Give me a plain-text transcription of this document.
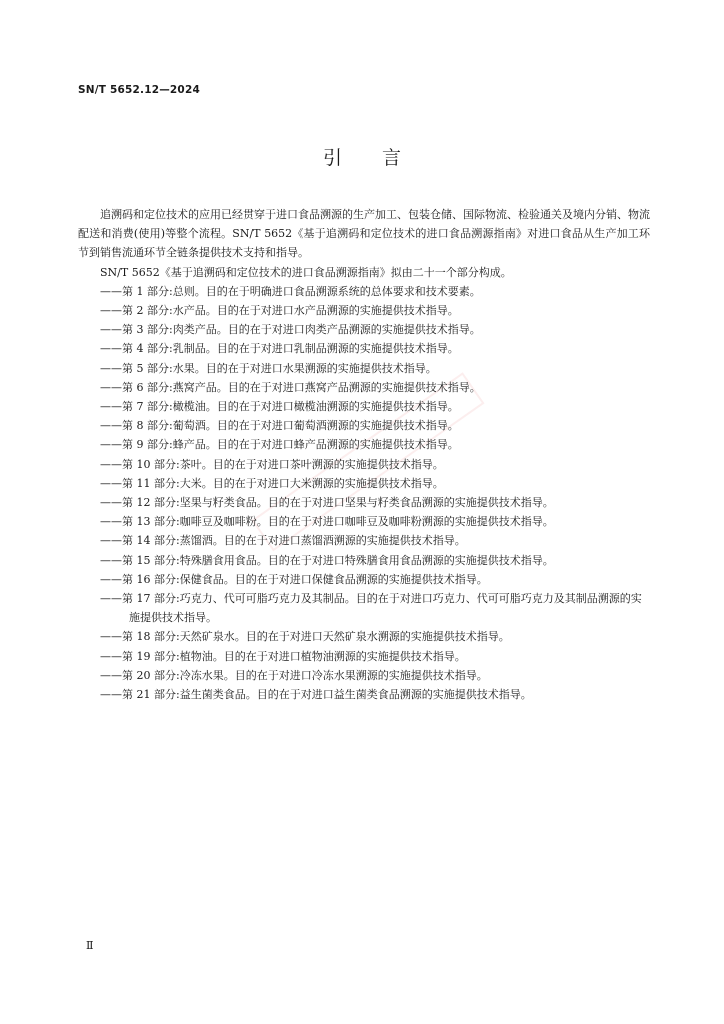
SN/T 5652.12—2024
引言

追溯码和定位技术的应用已经贯穿于进口食品溯源的生产加工、包装仓储、国际物流、检验通关及境内分销、物流配送和消费(使用)等整个流程。SN/T 5652《基于追溯码和定位技术的进口食品溯源指南》对进口食品从生产加工环节到销售流通环节全链条提供技术支持和指导。

SN/T 5652《基于追溯码和定位技术的进口食品溯源指南》拟由二十一个部分构成。

——第 1 部分:总则。目的在于明确进口食品溯源系统的总体要求和技术要素。

——第 2 部分:水产品。目的在于对进口水产品溯源的实施提供技术指导。

——第 3 部分:肉类产品。目的在于对进口肉类产品溯源的实施提供技术指导。

——第 4 部分:乳制品。目的在于对进口乳制品溯源的实施提供技术指导。

——第 5 部分:水果。目的在于对进口水果溯源的实施提供技术指导。

——第 6 部分:燕窝产品。目的在于对进口燕窝产品溯源的实施提供技术指导。

——第 7 部分:橄榄油。目的在于对进口橄榄油溯源的实施提供技术指导。

——第 8 部分:葡萄酒。目的在于对进口葡萄酒溯源的实施提供技术指导。

——第 9 部分:蜂产品。目的在于对进口蜂产品溯源的实施提供技术指导。

——第 10 部分:茶叶。目的在于对进口茶叶溯源的实施提供技术指导。

——第 11 部分:大米。目的在于对进口大米溯源的实施提供技术指导。

——第 12 部分:坚果与籽类食品。目的在于对进口坚果与籽类食品溯源的实施提供技术指导。

——第 13 部分:咖啡豆及咖啡粉。目的在于对进口咖啡豆及咖啡粉溯源的实施提供技术指导。

——第 14 部分:蒸馏酒。目的在于对进口蒸馏酒溯源的实施提供技术指导。

——第 15 部分:特殊膳食用食品。目的在于对进口特殊膳食用食品溯源的实施提供技术指导。

——第 16 部分:保健食品。目的在于对进口保健食品溯源的实施提供技术指导。

——第 17 部分:巧克力、代可可脂巧克力及其制品。目的在于对进口巧克力、代可可脂巧克力及其制品溯源的实施提供技术指导。

——第 18 部分:天然矿泉水。目的在于对进口天然矿泉水溯源的实施提供技术指导。

——第 19 部分:植物油。目的在于对进口植物油溯源的实施提供技术指导。

——第 20 部分:冷冻水果。目的在于对进口冷冻水果溯源的实施提供技术指导。

——第 21 部分:益生菌类食品。目的在于对进口益生菌类食品溯源的实施提供技术指导。

Ⅱ
